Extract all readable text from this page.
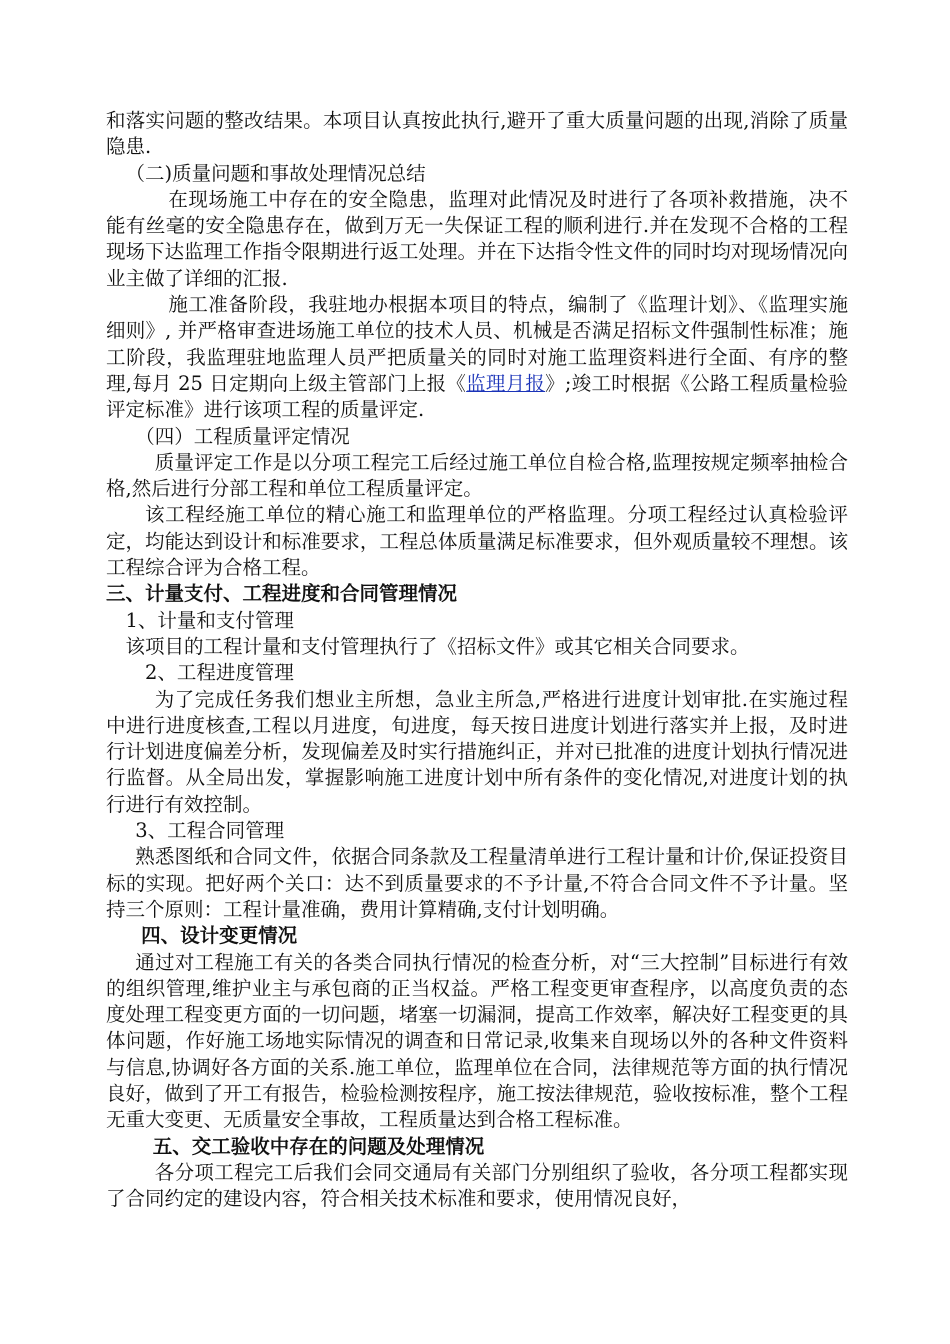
和落实问题的整改结果。本项目认真按此执行,避开了重大质量问题的出现,消除了质量隐患.

（二)质量问题和事故处理情况总结

在现场施工中存在的安全隐患，监理对此情况及时进行了各项补救措施，决不能有丝毫的安全隐患存在，做到万无一失保证工程的顺利进行.并在发现不合格的工程现场下达监理工作指令限期进行返工处理。并在下达指令性文件的同时均对现场情况向业主做了详细的汇报.

施工准备阶段，我驻地办根据本项目的特点，编制了《监理计划》、《监理实施细则》, 并严格审查进场施工单位的技术人员、机械是否满足招标文件强制性标准；施工阶段，我监理驻地监理人员严把质量关的同时对施工监理资料进行全面、有序的整理,每月 25 日定期向上级主管部门上报《监理月报》;竣工时根据《公路工程质量检验评定标准》进行该项工程的质量评定.

（四）工程质量评定情况

质量评定工作是以分项工程完工后经过施工单位自检合格,监理按规定频率抽检合格,然后进行分部工程和单位工程质量评定。

该工程经施工单位的精心施工和监理单位的严格监理。分项工程经过认真检验评定，均能达到设计和标准要求，工程总体质量满足标准要求，但外观质量较不理想。该工程综合评为合格工程。

三、计量支付、工程进度和合同管理情况

1、计量和支付管理

该项目的工程计量和支付管理执行了《招标文件》或其它相关合同要求。

2、工程进度管理

为了完成任务我们想业主所想，急业主所急,严格进行进度计划审批.在实施过程中进行进度核查,工程以月进度，旬进度，每天按日进度计划进行落实并上报，及时进行计划进度偏差分析，发现偏差及时实行措施纠正，并对已批准的进度计划执行情况进行监督。从全局出发，掌握影响施工进度计划中所有条件的变化情况,对进度计划的执行进行有效控制。

3、工程合同管理

熟悉图纸和合同文件，依据合同条款及工程量清单进行工程计量和计价,保证投资目标的实现。把好两个关口：达不到质量要求的不予计量,不符合合同文件不予计量。坚持三个原则：工程计量准确，费用计算精确,支付计划明确。

四、设计变更情况

通过对工程施工有关的各类合同执行情况的检查分析，对“三大控制”目标进行有效的组织管理,维护业主与承包商的正当权益。严格工程变更审查程序，以高度负责的态度处理工程变更方面的一切问题，堵塞一切漏洞，提高工作效率，解决好工程变更的具体问题，作好施工场地实际情况的调查和日常记录,收集来自现场以外的各种文件资料与信息,协调好各方面的关系.施工单位，监理单位在合同，法律规范等方面的执行情况良好，做到了开工有报告，检验检测按程序，施工按法律规范，验收按标准，整个工程无重大变更、无质量安全事故，工程质量达到合格工程标准。

五、交工验收中存在的问题及处理情况

各分项工程完工后我们会同交通局有关部门分别组织了验收，各分项工程都实现了合同约定的建设内容，符合相关技术标准和要求，使用情况良好，
